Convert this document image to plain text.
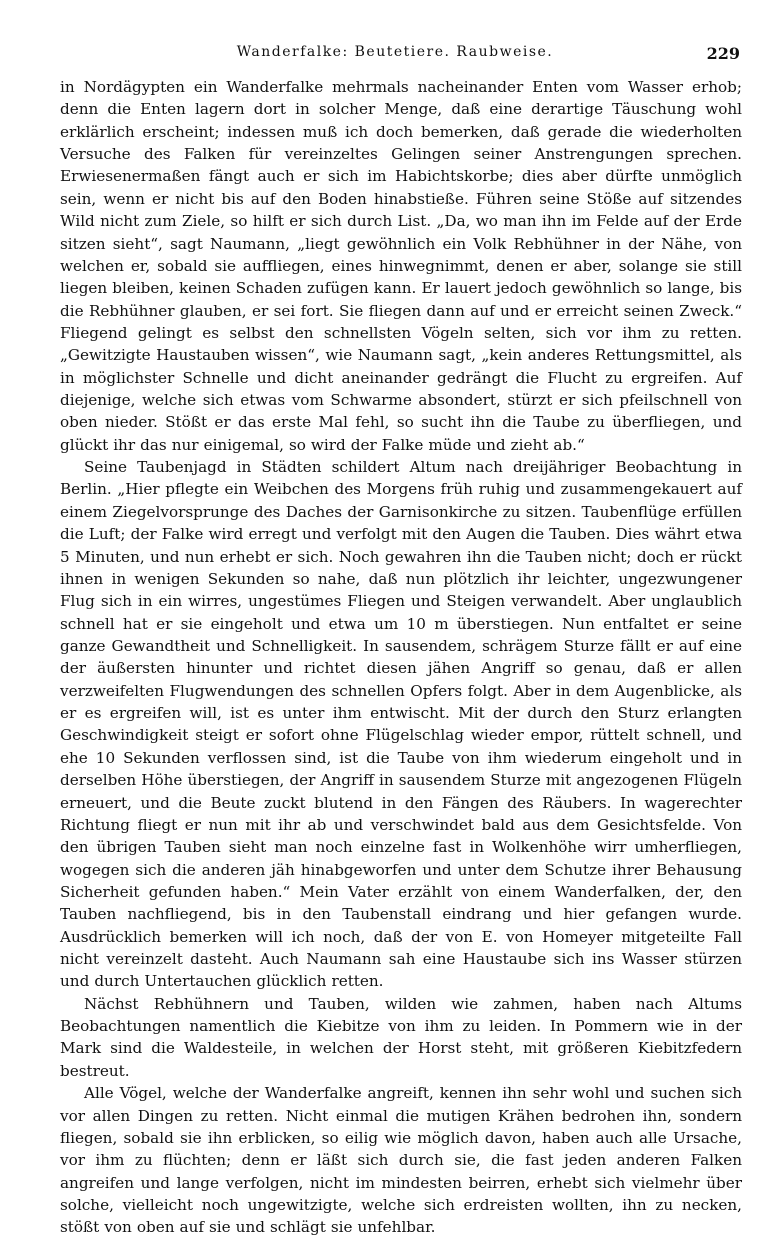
Wanderfalke: Beutetiere. Raubweise.	229

in Nordägypten ein Wanderfalke mehrmals nacheinander Enten vom Wasser erhob; denn die Enten lagern dort in solcher Menge, daß eine derartige Täuschung wohl erklärlich erscheint; indessen muß ich doch bemerken, daß gerade die wiederholten Versuche des Falken für vereinzeltes Gelingen seiner Anstrengungen sprechen. Erwiesenermaßen fängt auch er sich im Habichtskorbe; dies aber dürfte unmöglich sein, wenn er nicht bis auf den Boden hinabstieße. Führen seine Stöße auf sitzendes Wild nicht zum Ziele, so hilft er sich durch List. „Da, wo man ihn im Felde auf der Erde sitzen sieht“, sagt Naumann, „liegt gewöhnlich ein Volk Rebhühner in der Nähe, von welchen er, sobald sie auffliegen, eines hinwegnimmt, denen er aber, solange sie still liegen bleiben, keinen Schaden zufügen kann. Er lauert jedoch gewöhnlich so lange, bis die Rebhühner glauben, er sei fort. Sie fliegen dann auf und er erreicht seinen Zweck.“ Fliegend gelingt es selbst den schnellsten Vögeln selten, sich vor ihm zu retten. „Gewitzigte Haustauben wissen“, wie Naumann sagt, „kein anderes Rettungsmittel, als in möglichster Schnelle und dicht aneinander gedrängt die Flucht zu ergreifen. Auf diejenige, welche sich etwas vom Schwarme absondert, stürzt er sich pfeilschnell von oben nieder. Stößt er das erste Mal fehl, so sucht ihn die Taube zu überfliegen, und glückt ihr das nur einigemal, so wird der Falke müde und zieht ab.“

Seine Taubenjagd in Städten schildert Altum nach dreijähriger Beobachtung in Berlin. „Hier pflegte ein Weibchen des Morgens früh ruhig und zusammengekauert auf einem Ziegelvorsprunge des Daches der Garnisonkirche zu sitzen. Taubenflüge erfüllen die Luft; der Falke wird erregt und verfolgt mit den Augen die Tauben. Dies währt etwa 5 Minuten, und nun erhebt er sich. Noch gewahren ihn die Tauben nicht; doch er rückt ihnen in wenigen Sekunden so nahe, daß nun plötzlich ihr leichter, ungezwungener Flug sich in ein wirres, ungestümes Fliegen und Steigen verwandelt. Aber unglaublich schnell hat er sie eingeholt und etwa um 10 m überstiegen. Nun entfaltet er seine ganze Gewandtheit und Schnelligkeit. In sausendem, schrägem Sturze fällt er auf eine der äußersten hinunter und richtet diesen jähen Angriff so genau, daß er allen verzweifelten Flugwendungen des schnellen Opfers folgt. Aber in dem Augenblicke, als er es ergreifen will, ist es unter ihm entwischt. Mit der durch den Sturz erlangten Geschwindigkeit steigt er sofort ohne Flügelschlag wieder empor, rüttelt schnell, und ehe 10 Sekunden verflossen sind, ist die Taube von ihm wiederum eingeholt und in derselben Höhe überstiegen, der Angriff in sausendem Sturze mit angezogenen Flügeln erneuert, und die Beute zuckt blutend in den Fängen des Räubers. In wagerechter Richtung fliegt er nun mit ihr ab und verschwindet bald aus dem Gesichtsfelde. Von den übrigen Tauben sieht man noch einzelne fast in Wolkenhöhe wirr umherfliegen, wogegen sich die anderen jäh hinabgeworfen und unter dem Schutze ihrer Behausung Sicherheit gefunden haben.“ Mein Vater erzählt von einem Wanderfalken, der, den Tauben nachfliegend, bis in den Taubenstall eindrang und hier gefangen wurde. Ausdrücklich bemerken will ich noch, daß der von E. von Homeyer mitgeteilte Fall nicht vereinzelt dasteht. Auch Naumann sah eine Haustaube sich ins Wasser stürzen und durch Untertauchen glücklich retten.

Nächst Rebhühnern und Tauben, wilden wie zahmen, haben nach Altums Beobachtungen namentlich die Kiebitze von ihm zu leiden. In Pommern wie in der Mark sind die Waldesteile, in welchen der Horst steht, mit größeren Kiebitzfedern bestreut.

Alle Vögel, welche der Wanderfalke angreift, kennen ihn sehr wohl und suchen sich vor allen Dingen zu retten. Nicht einmal die mutigen Krähen bedrohen ihn, sondern fliegen, sobald sie ihn erblicken, so eilig wie möglich davon, haben auch alle Ursache, vor ihm zu flüchten; denn er läßt sich durch sie, die fast jeden anderen Falken angreifen und lange verfolgen, nicht im mindesten beirren, erhebt sich vielmehr über solche, vielleicht noch ungewitzigte, welche sich erdreisten wollten, ihn zu necken, stößt von oben auf sie und schlägt sie unfehlbar.
